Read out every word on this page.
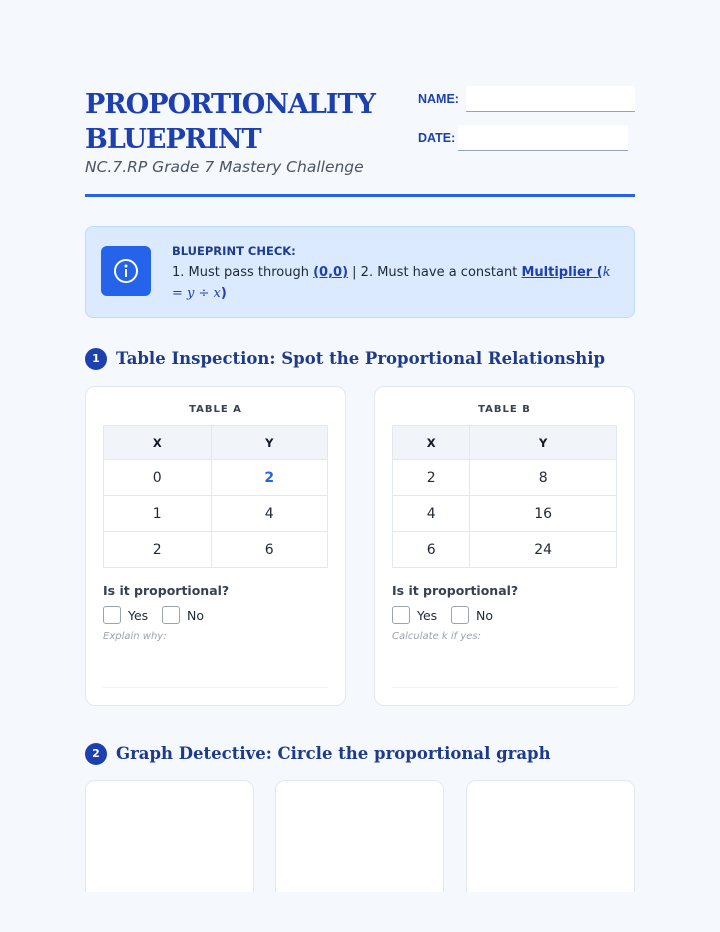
PROPORTIONALITY BLUEPRINT
NC.7.RP Grade 7 Mastery Challenge
NAME:
DATE:
BLUEPRINT CHECK:
1. Must pass through (0,0) | 2. Must have a constant Multiplier (k
= y ÷ x)
1 Table Inspection: Spot the Proportional Relationship
TABLE A
X	Y
0	2
1	4
2	6
Is it proportional?
Yes	No
Explain why:
TABLE B
X	Y
2	8
4	16
6	24
Is it proportional?
Yes	No
Calculate k if yes:
2 Graph Detective: Circle the proportional graph
